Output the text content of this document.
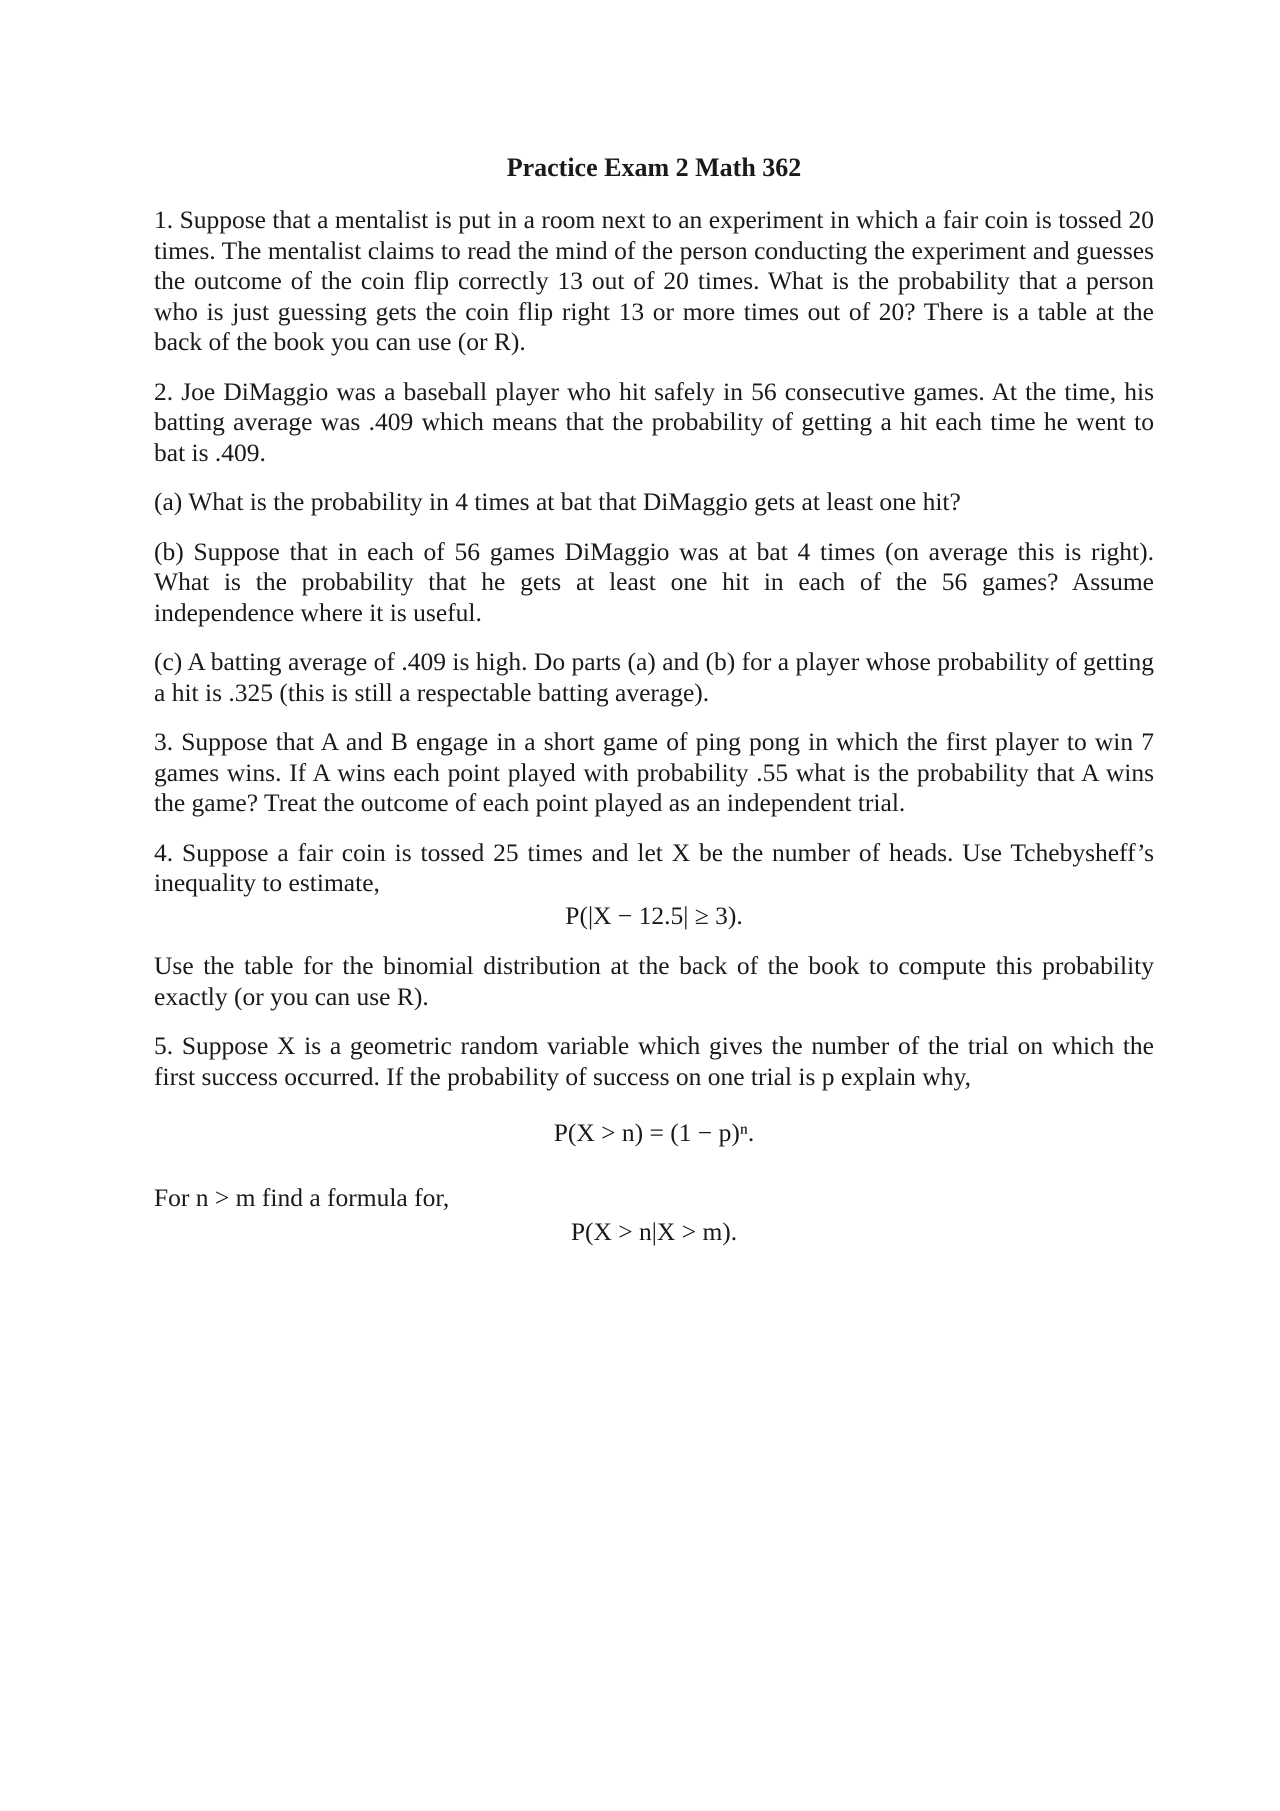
Practice Exam 2 Math 362

1. Suppose that a mentalist is put in a room next to an experiment in which a fair coin is tossed 20 times. The mentalist claims to read the mind of the person conducting the experiment and guesses the outcome of the coin flip correctly 13 out of 20 times. What is the probability that a person who is just guessing gets the coin flip right 13 or more times out of 20? There is a table at the back of the book you can use (or R).

2. Joe DiMaggio was a baseball player who hit safely in 56 consecutive games. At the time, his batting average was .409 which means that the probability of getting a hit each time he went to bat is .409.

(a) What is the probability in 4 times at bat that DiMaggio gets at least one hit?

(b) Suppose that in each of 56 games DiMaggio was at bat 4 times (on average this is right). What is the probability that he gets at least one hit in each of the 56 games? Assume independence where it is useful.

(c) A batting average of .409 is high. Do parts (a) and (b) for a player whose probability of getting a hit is .325 (this is still a respectable batting average).

3. Suppose that A and B engage in a short game of ping pong in which the first player to win 7 games wins. If A wins each point played with probability .55 what is the probability that A wins the game? Treat the outcome of each point played as an independent trial.

4. Suppose a fair coin is tossed 25 times and let X be the number of heads. Use Tchebysheff’s inequality to estimate,

P(|X − 12.5| ≥ 3).

Use the table for the binomial distribution at the back of the book to compute this probability exactly (or you can use R).

5. Suppose X is a geometric random variable which gives the number of the trial on which the first success occurred. If the probability of success on one trial is p explain why,

P(X > n) = (1 − p)ⁿ.

For n > m find a formula for,
P(X > n|X > m).
